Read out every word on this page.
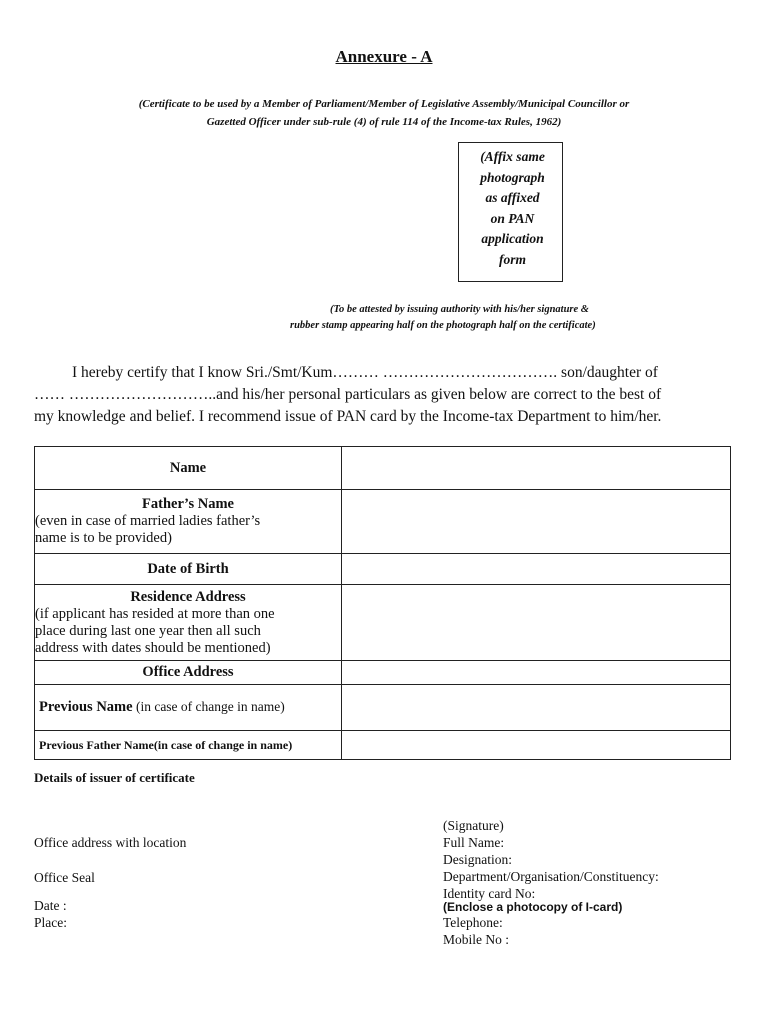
Annexure - A
(Certificate to be used by a Member of Parliament/Member of Legislative Assembly/Municipal Councillor or
Gazetted Officer under sub-rule (4) of rule 114 of the Income-tax Rules, 1962)
(Affix same
photograph
as affixed
on PAN
application
form
(To be attested by issuing authority with his/her signature &
rubber stamp appearing half on the photograph half on the certificate)
I hereby certify that I know Sri./Smt/Kum……… ……………………………. son/daughter of
…… ………………………..and his/her personal particulars as given below are correct to the best of
my knowledge and belief. I recommend issue of PAN card by the Income-tax Department to him/her.
Name	

Father’s Name
(even in case of married ladies father’s
name is to be provided)	

Date of Birth	

Residence Address
(if applicant has resided at more than one
place during last one year then all such
address with dates should be mentioned)	

Office Address	
Previous Name (in case of change in name)	
Previous Father Name(in case of change in name)	
Details of issuer of certificate
Office address with location
Office Seal
Date :
Place:
(Signature)
Full Name:
Designation:
Department/Organisation/Constituency:
Identity card No:
(Enclose a photocopy of I-card)
Telephone:
Mobile No :
